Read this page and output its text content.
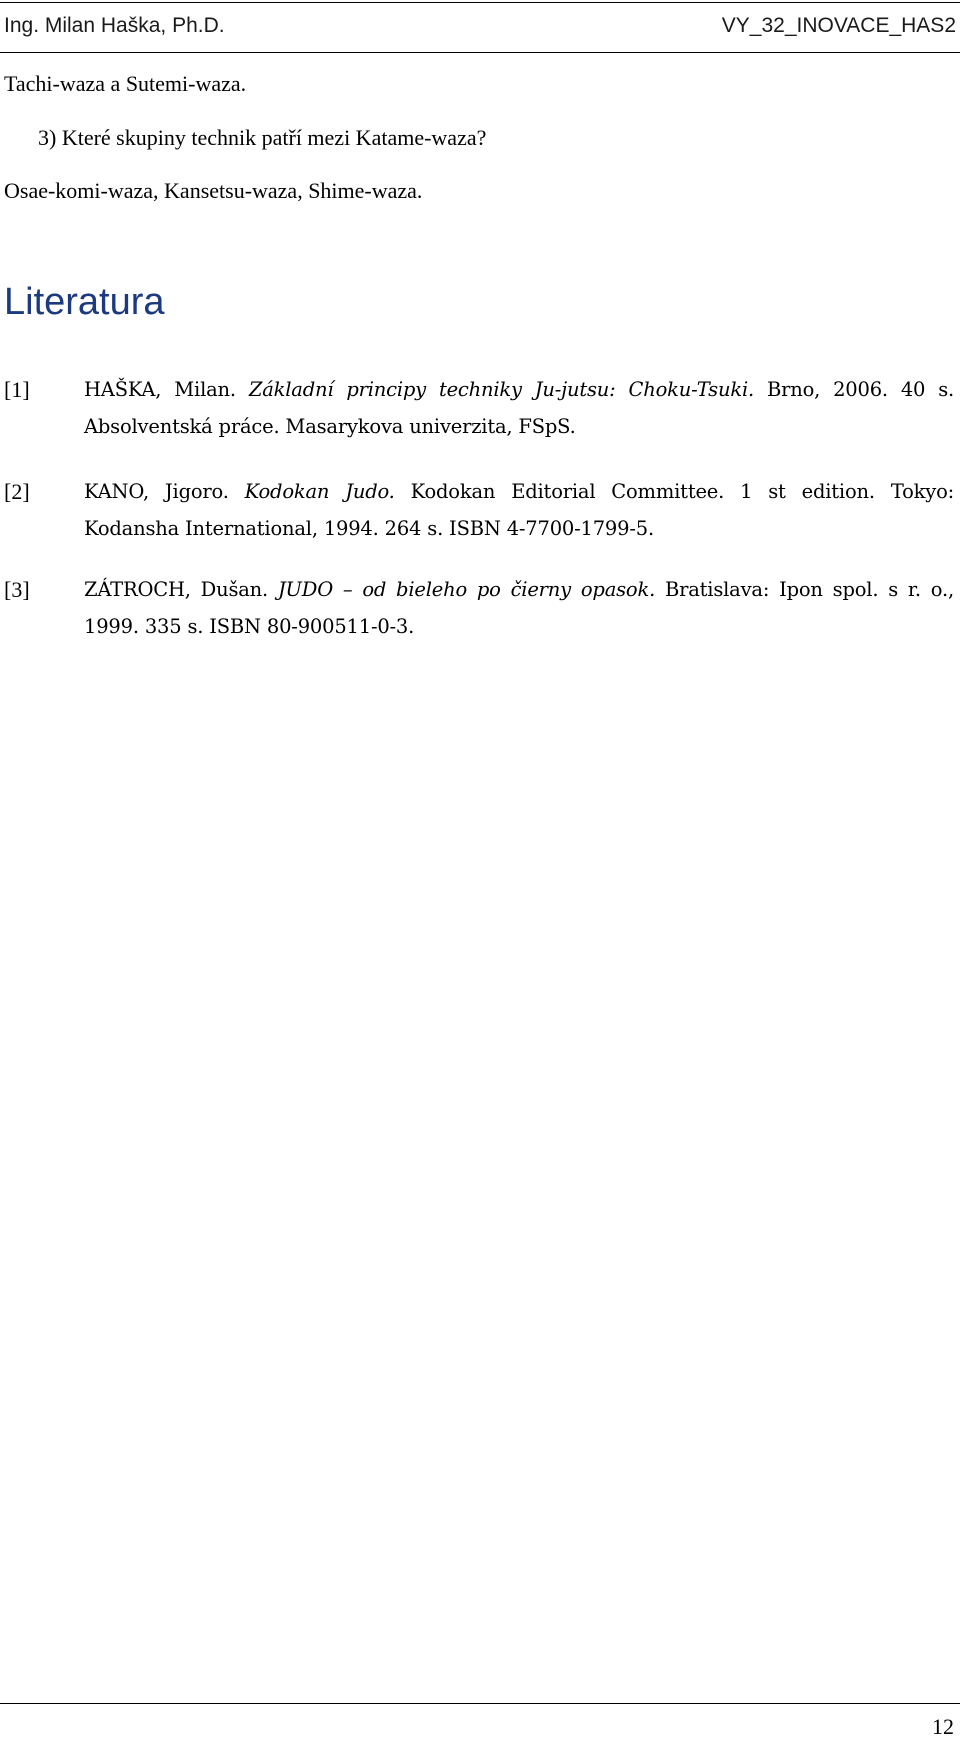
Ing. Milan Haška, Ph.D.	VY_32_INOVACE_HAS2
Tachi-waza a Sutemi-waza.
3) Které skupiny technik patří mezi Katame-waza?
Osae-komi-waza, Kansetsu-waza, Shime-waza.
Literatura
[1]	HAŠKA, Milan. Základní principy techniky Ju-jutsu: Choku-Tsuki. Brno, 2006. 40 s. Absolventská práce. Masarykova univerzita, FSpS.
[2]	KANO, Jigoro. Kodokan Judo. Kodokan Editorial Committee. 1 st edition. Tokyo: Kodansha International, 1994. 264 s. ISBN 4-7700-1799-5.
[3]	ZÁTROCH, Dušan. JUDO – od bieleho po čierny opasok. Bratislava: Ipon spol. s r. o., 1999. 335 s. ISBN 80-900511-0-3.
12
